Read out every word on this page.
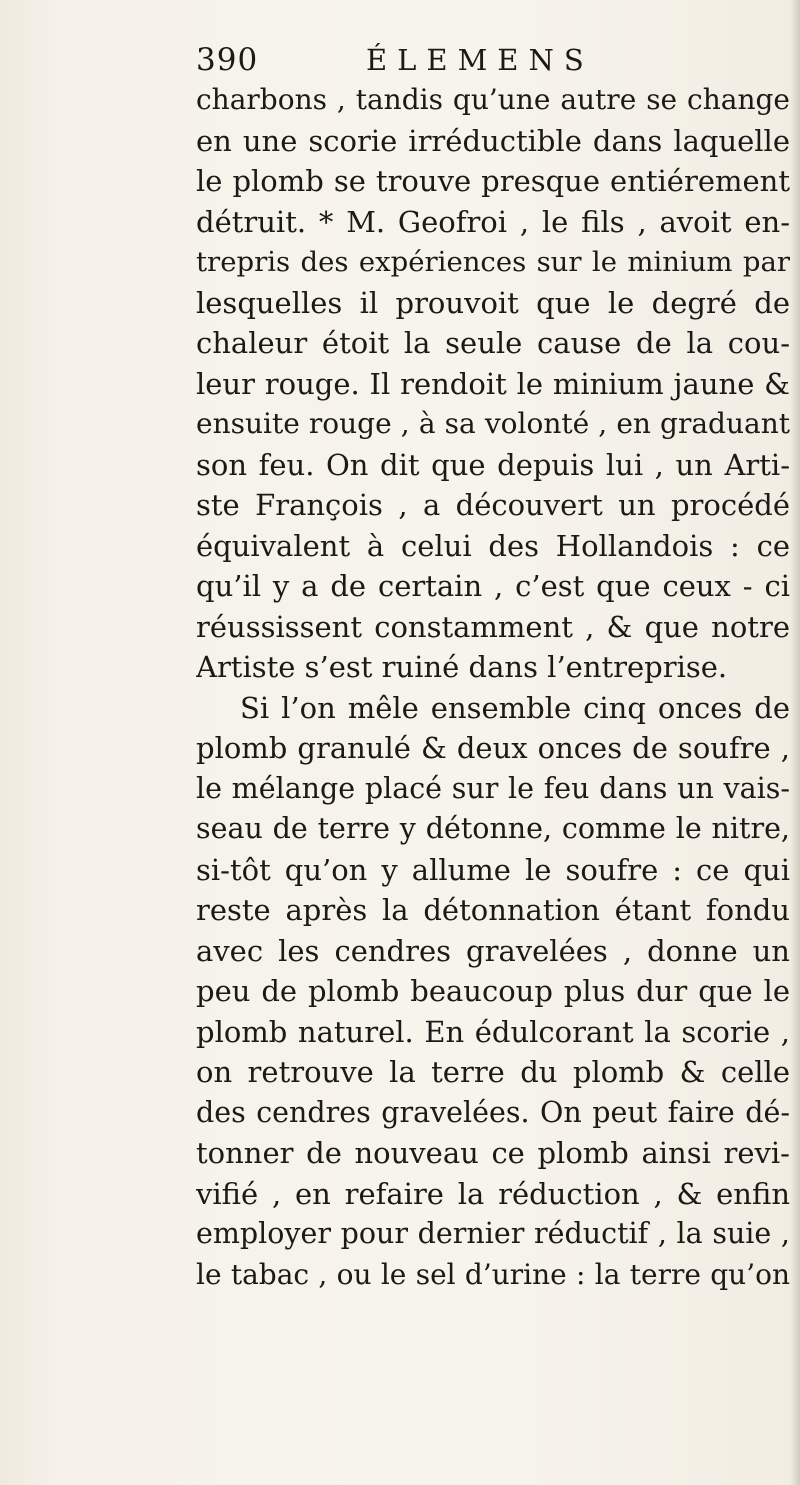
390	ÉLEMENS
charbons , tandis qu’une autre se change
en une scorie irréductible dans laquelle
le plomb se trouve presque entiérement
détruit. * M. Geofroi , le fils , avoit en-
trepris des expériences sur le minium par
lesquelles il prouvoit que le degré de
chaleur étoit la seule cause de la cou-
leur rouge. Il rendoit le minium jaune &
ensuite rouge , à sa volonté , en graduant
son feu. On dit que depuis lui , un Arti-
ste François , a découvert un procédé
équivalent à celui des Hollandois : ce
qu’il y a de certain , c’est que ceux - ci
réussissent constamment , & que notre
Artiste s’est ruiné dans l’entreprise.
Si l’on mêle ensemble cinq onces de
plomb granulé & deux onces de soufre ,
le mélange placé sur le feu dans un vais-
seau de terre y détonne, comme le nitre,
si-tôt qu’on y allume le soufre : ce qui
reste après la détonnation étant fondu
avec les cendres gravelées , donne un
peu de plomb beaucoup plus dur que le
plomb naturel. En édulcorant la scorie ,
on retrouve la terre du plomb & celle
des cendres gravelées. On peut faire dé-
tonner de nouveau ce plomb ainsi revi-
vifié , en refaire la réduction , & enfin
employer pour dernier réductif , la suie ,
le tabac , ou le sel d’urine : la terre qu’on
